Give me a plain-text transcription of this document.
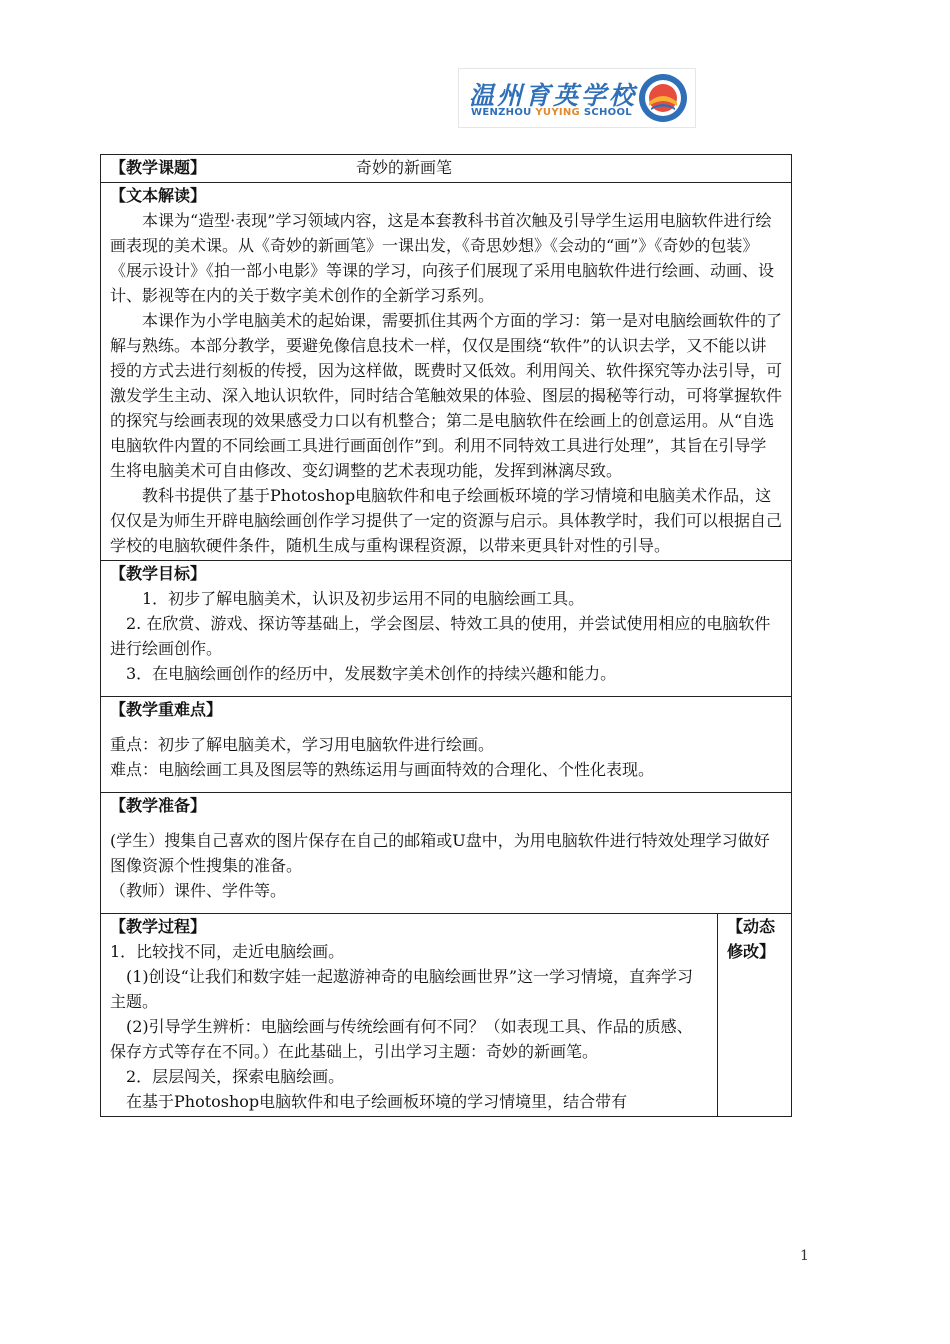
温州育英学校
WENZHOU YUYING SCHOOL
【教学课题】	奇妙的新画笔

【文本解读】

本课为“造型·表现”学习领域内容，这是本套教科书首次触及引导学生运用电脑软件进行绘画表现的美术课。从《奇妙的新画笔》一课出发，《奇思妙想》《会动的“画”》《奇妙的包装》《展示设计》《拍一部小电影》等课的学习，向孩子们展现了采用电脑软件进行绘画、动画、设计、影视等在内的关于数字美术创作的全新学习系列。

本课作为小学电脑美术的起始课，需要抓住其两个方面的学习：第一是对电脑绘画软件的了解与熟练。本部分教学，要避免像信息技术一样，仅仅是围绕“软件”的认识去学，又不能以讲授的方式去进行刻板的传授，因为这样做，既费时又低效。利用闯关、软件探究等办法引导，可激发学生主动、深入地认识软件，同时结合笔触效果的体验、图层的揭秘等行动，可将掌握软件的探究与绘画表现的效果感受力口以有机整合；第二是电脑软件在绘画上的创意运用。从“自选电脑软件内置的不同绘画工具进行画面创作”到。利用不同特效工具进行处理”，其旨在引导学生将电脑美术可自由修改、变幻调整的艺术表现功能，发挥到淋漓尽致。

教科书提供了基于Photoshop电脑软件和电子绘画板环境的学习情境和电脑美术作品，这仅仅是为师生开辟电脑绘画创作学习提供了一定的资源与启示。具体教学时，我们可以根据自己学校的电脑软硬件条件，随机生成与重构课程资源，以带来更具针对性的引导。

【教学目标】

1．初步了解电脑美术，认识及初步运用不同的电脑绘画工具。

2. 在欣赏、游戏、探访等基础上，学会图层、特效工具的使用，并尝试使用相应的电脑软件进行绘画创作。

3．在电脑绘画创作的经历中，发展数字美术创作的持续兴趣和能力。

【教学重难点】

重点：初步了解电脑美术，学习用电脑软件进行绘画。

难点：电脑绘画工具及图层等的熟练运用与画面特效的合理化、个性化表现。

【教学准备】

(学生）搜集自己喜欢的图片保存在自己的邮箱或U盘中，为用电脑软件进行特效处理学习做好图像资源个性搜集的准备。

（教师）课件、学件等。

【教学过程】

1．比较找不同，走近电脑绘画。

(1)创设“让我们和数字娃一起遨游神奇的电脑绘画世界”这一学习情境，直奔学习主题。

(2)引导学生辨析：电脑绘画与传统绘画有何不同？（如表现工具、作品的质感、保存方式等存在不同。）在此基础上，引出学习主题：奇妙的新画笔。

2．层层闯关，探索电脑绘画。

在基于Photoshop电脑软件和电子绘画板环境的学习情境里，结合带有

【动态
修改】
1
